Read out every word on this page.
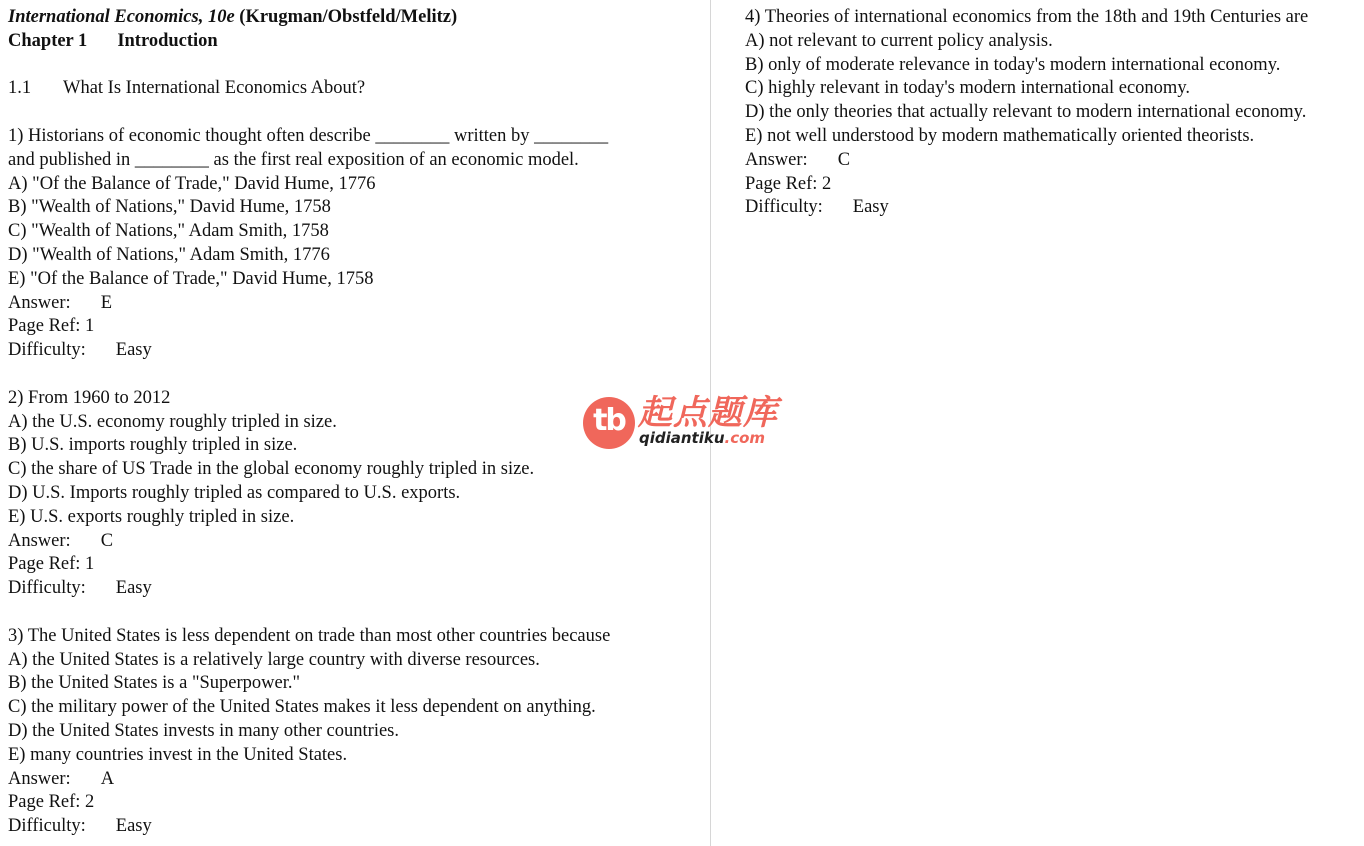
International Economics, 10e (Krugman/Obstfeld/Melitz)
Chapter 1 Introduction
1.1 What Is International Economics About?
1) Historians of economic thought often describe ________ written by ________
and published in ________ as the first real exposition of an economic model.
A) "Of the Balance of Trade," David Hume, 1776
B) "Wealth of Nations," David Hume, 1758
C) "Wealth of Nations," Adam Smith, 1758
D) "Wealth of Nations," Adam Smith, 1776
E) "Of the Balance of Trade," David Hume, 1758
Answer: E
Page Ref: 1
Difficulty: Easy
2) From 1960 to 2012
A) the U.S. economy roughly tripled in size.
B) U.S. imports roughly tripled in size.
C) the share of US Trade in the global economy roughly tripled in size.
D) U.S. Imports roughly tripled as compared to U.S. exports.
E) U.S. exports roughly tripled in size.
Answer: C
Page Ref: 1
Difficulty: Easy
3) The United States is less dependent on trade than most other countries because
A) the United States is a relatively large country with diverse resources.
B) the United States is a "Superpower."
C) the military power of the United States makes it less dependent on anything.
D) the United States invests in many other countries.
E) many countries invest in the United States.
Answer: A
Page Ref: 2
Difficulty: Easy
4) Theories of international economics from the 18th and 19th Centuries are
A) not relevant to current policy analysis.
B) only of moderate relevance in today's modern international economy.
C) highly relevant in today's modern international economy.
D) the only theories that actually relevant to modern international economy.
E) not well understood by modern mathematically oriented theorists.
Answer: C
Page Ref: 2
Difficulty: Easy
tb 起点题库
qidiantiku.com
